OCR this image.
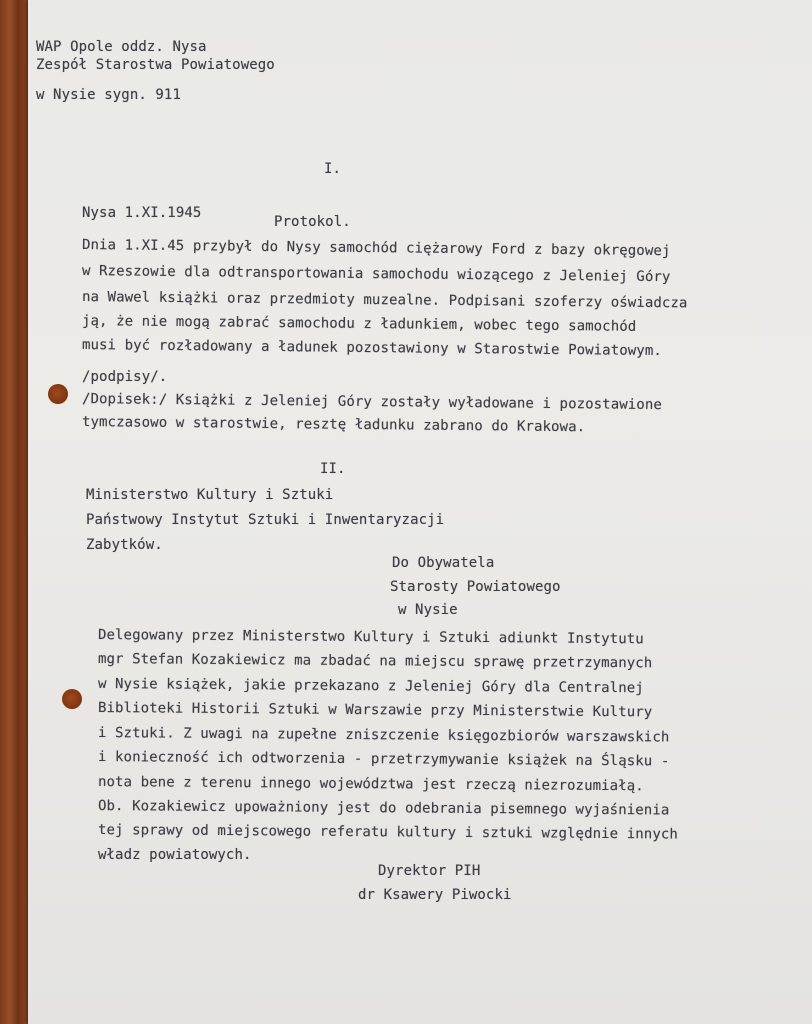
WAP Opole oddz. Nysa
Zespół Starostwa Powiatowego
w Nysie sygn. 911
I.
Nysa 1.XI.1945
Protokol.
Dnia 1.XI.45 przybył do Nysy samochód ciężarowy Ford z bazy okręgowej
w Rzeszowie dla odtransportowania samochodu wiozącego z Jeleniej Góry
na Wawel książki oraz przedmioty muzealne. Podpisani szoferzy oświadcza
ją, że nie mogą zabrać samochodu z ładunkiem, wobec tego samochód
musi być rozładowany a ładunek pozostawiony w Starostwie Powiatowym.
/podpisy/.
/Dopisek:/ Książki z Jeleniej Góry zostały wyładowane i pozostawione
tymczasowo w starostwie, resztę ładunku zabrano do Krakowa.
II.
Ministerstwo Kultury i Sztuki
Państwowy Instytut Sztuki i Inwentaryzacji
Zabytków.
Do Obywatela
Starosty Powiatowego
w Nysie
Delegowany przez Ministerstwo Kultury i Sztuki adiunkt Instytutu
mgr Stefan Kozakiewicz ma zbadać na miejscu sprawę przetrzymanych
w Nysie książek, jakie przekazano z Jeleniej Góry dla Centralnej
Biblioteki Historii Sztuki w Warszawie przy Ministerstwie Kultury
i Sztuki. Z uwagi na zupełne zniszczenie księgozbiorów warszawskich
i konieczność ich odtworzenia - przetrzymywanie książek na Śląsku -
nota bene z terenu innego województwa jest rzeczą niezrozumiałą.
Ob. Kozakiewicz upoważniony jest do odebrania pisemnego wyjaśnienia
tej sprawy od miejscowego referatu kultury i sztuki względnie innych
władz powiatowych.
Dyrektor PIH
dr Ksawery Piwocki
